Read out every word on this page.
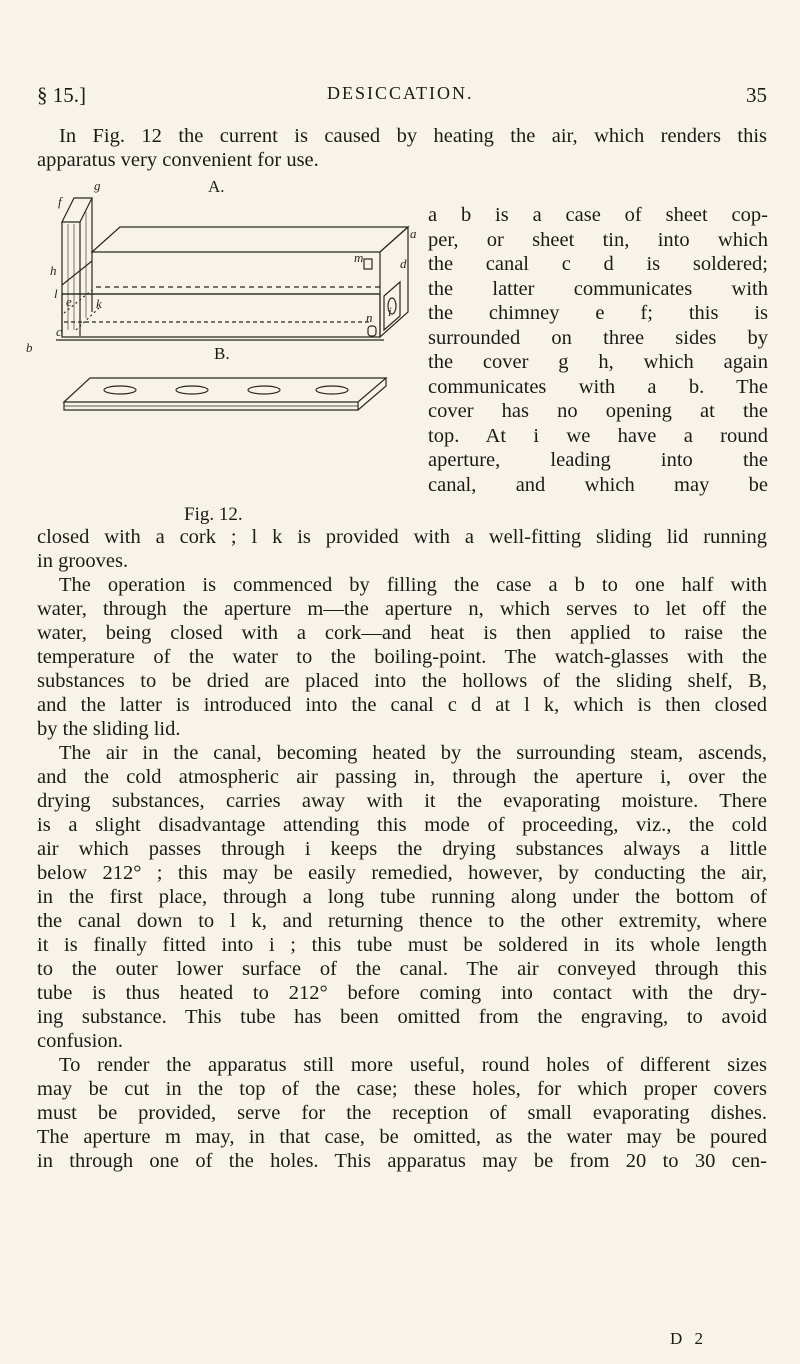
§ 15.]	DESICCATION.	35
In Fig. 12 the current is caused by heating the air, which renders this
apparatus very convenient for use.
A.
B.
Fig. 12.
g
f
a
m	d
h
l
e k
i
c
n
b
a b is a case of sheet cop-
per, or sheet tin, into which
the canal c d is soldered;
the latter communicates with
the chimney e f; this is
surrounded on three sides by
the cover g h, which again
communicates with a b. The
cover has no opening at the
top. At i we have a round
aperture, leading into the
canal, and which may be
closed with a cork ; l k is provided with a well-fitting sliding lid running
in grooves.
The operation is commenced by filling the case a b to one half with
water, through the aperture m—the aperture n, which serves to let off the
water, being closed with a cork—and heat is then applied to raise the
temperature of the water to the boiling-point. The watch-glasses with the
substances to be dried are placed into the hollows of the sliding shelf, B,
and the latter is introduced into the canal c d at l k, which is then closed
by the sliding lid.
The air in the canal, becoming heated by the surrounding steam, ascends,
and the cold atmospheric air passing in, through the aperture i, over the
drying substances, carries away with it the evaporating moisture. There
is a slight disadvantage attending this mode of proceeding, viz., the cold
air which passes through i keeps the drying substances always a little
below 212° ; this may be easily remedied, however, by conducting the air,
in the first place, through a long tube running along under the bottom of
the canal down to l k, and returning thence to the other extremity, where
it is finally fitted into i ; this tube must be soldered in its whole length
to the outer lower surface of the canal. The air conveyed through this
tube is thus heated to 212° before coming into contact with the dry-
ing substance. This tube has been omitted from the engraving, to avoid
confusion.
To render the apparatus still more useful, round holes of different sizes
may be cut in the top of the case; these holes, for which proper covers
must be provided, serve for the reception of small evaporating dishes.
The aperture m may, in that case, be omitted, as the water may be poured
in through one of the holes. This apparatus may be from 20 to 30 cen-
D 2
